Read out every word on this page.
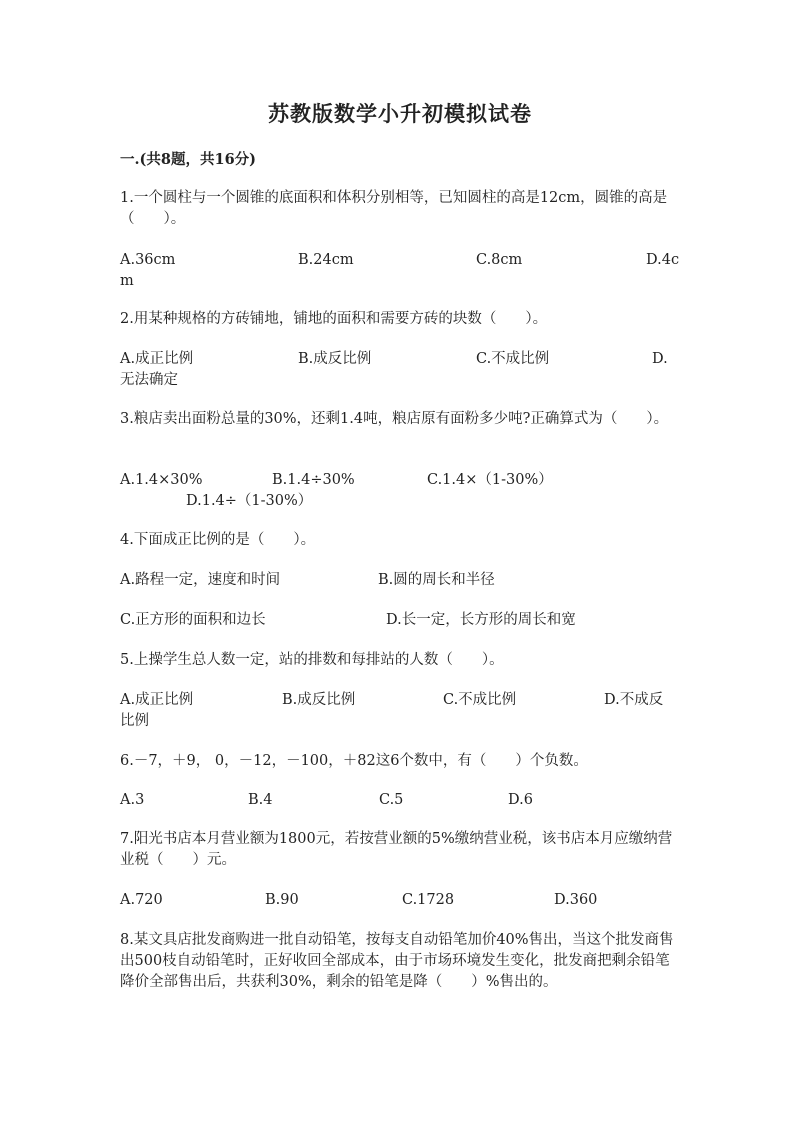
苏教版数学小升初模拟试卷
一.(共8题，共16分)
1.一个圆柱与一个圆锥的底面积和体积分别相等，已知圆柱的高是12cm，圆锥的高是（　　）。
A.36cm	B.24cm	C.8cm	D.4c
m
2.用某种规格的方砖铺地，铺地的面积和需要方砖的块数（　　）。
A.成正比例	B.成反比例	C.不成比例	D.
无法确定
3.粮店卖出面粉总量的30%，还剩1.4吨，粮店原有面粉多少吨?正确算式为（　　）。
A.1.4×30%	B.1.4÷30%	C.1.4×（1-30%）
D.1.4÷（1-30%）
4.下面成正比例的是（　　）。
A.路程一定，速度和时间	B.圆的周长和半径
C.正方形的面积和边长	D.长一定，长方形的周长和宽
5.上操学生总人数一定，站的排数和每排站的人数（　　）。
A.成正比例	B.成反比例	C.不成比例	D.不成反
比例
6.－7，＋9， 0，－12，－100，＋82这6个数中，有（　　）个负数。
A.3	B.4	C.5	D.6
7.阳光书店本月营业额为1800元，若按营业额的5%缴纳营业税，该书店本月应缴纳营业税（　　）元。
A.720	B.90	C.1728	D.360
8.某文具店批发商购进一批自动铅笔，按每支自动铅笔加价40%售出，当这个批发商售出500枝自动铅笔时，正好收回全部成本，由于市场环境发生变化，批发商把剩余铅笔降价全部售出后，共获利30%，剩余的铅笔是降（　　）%售出的。
